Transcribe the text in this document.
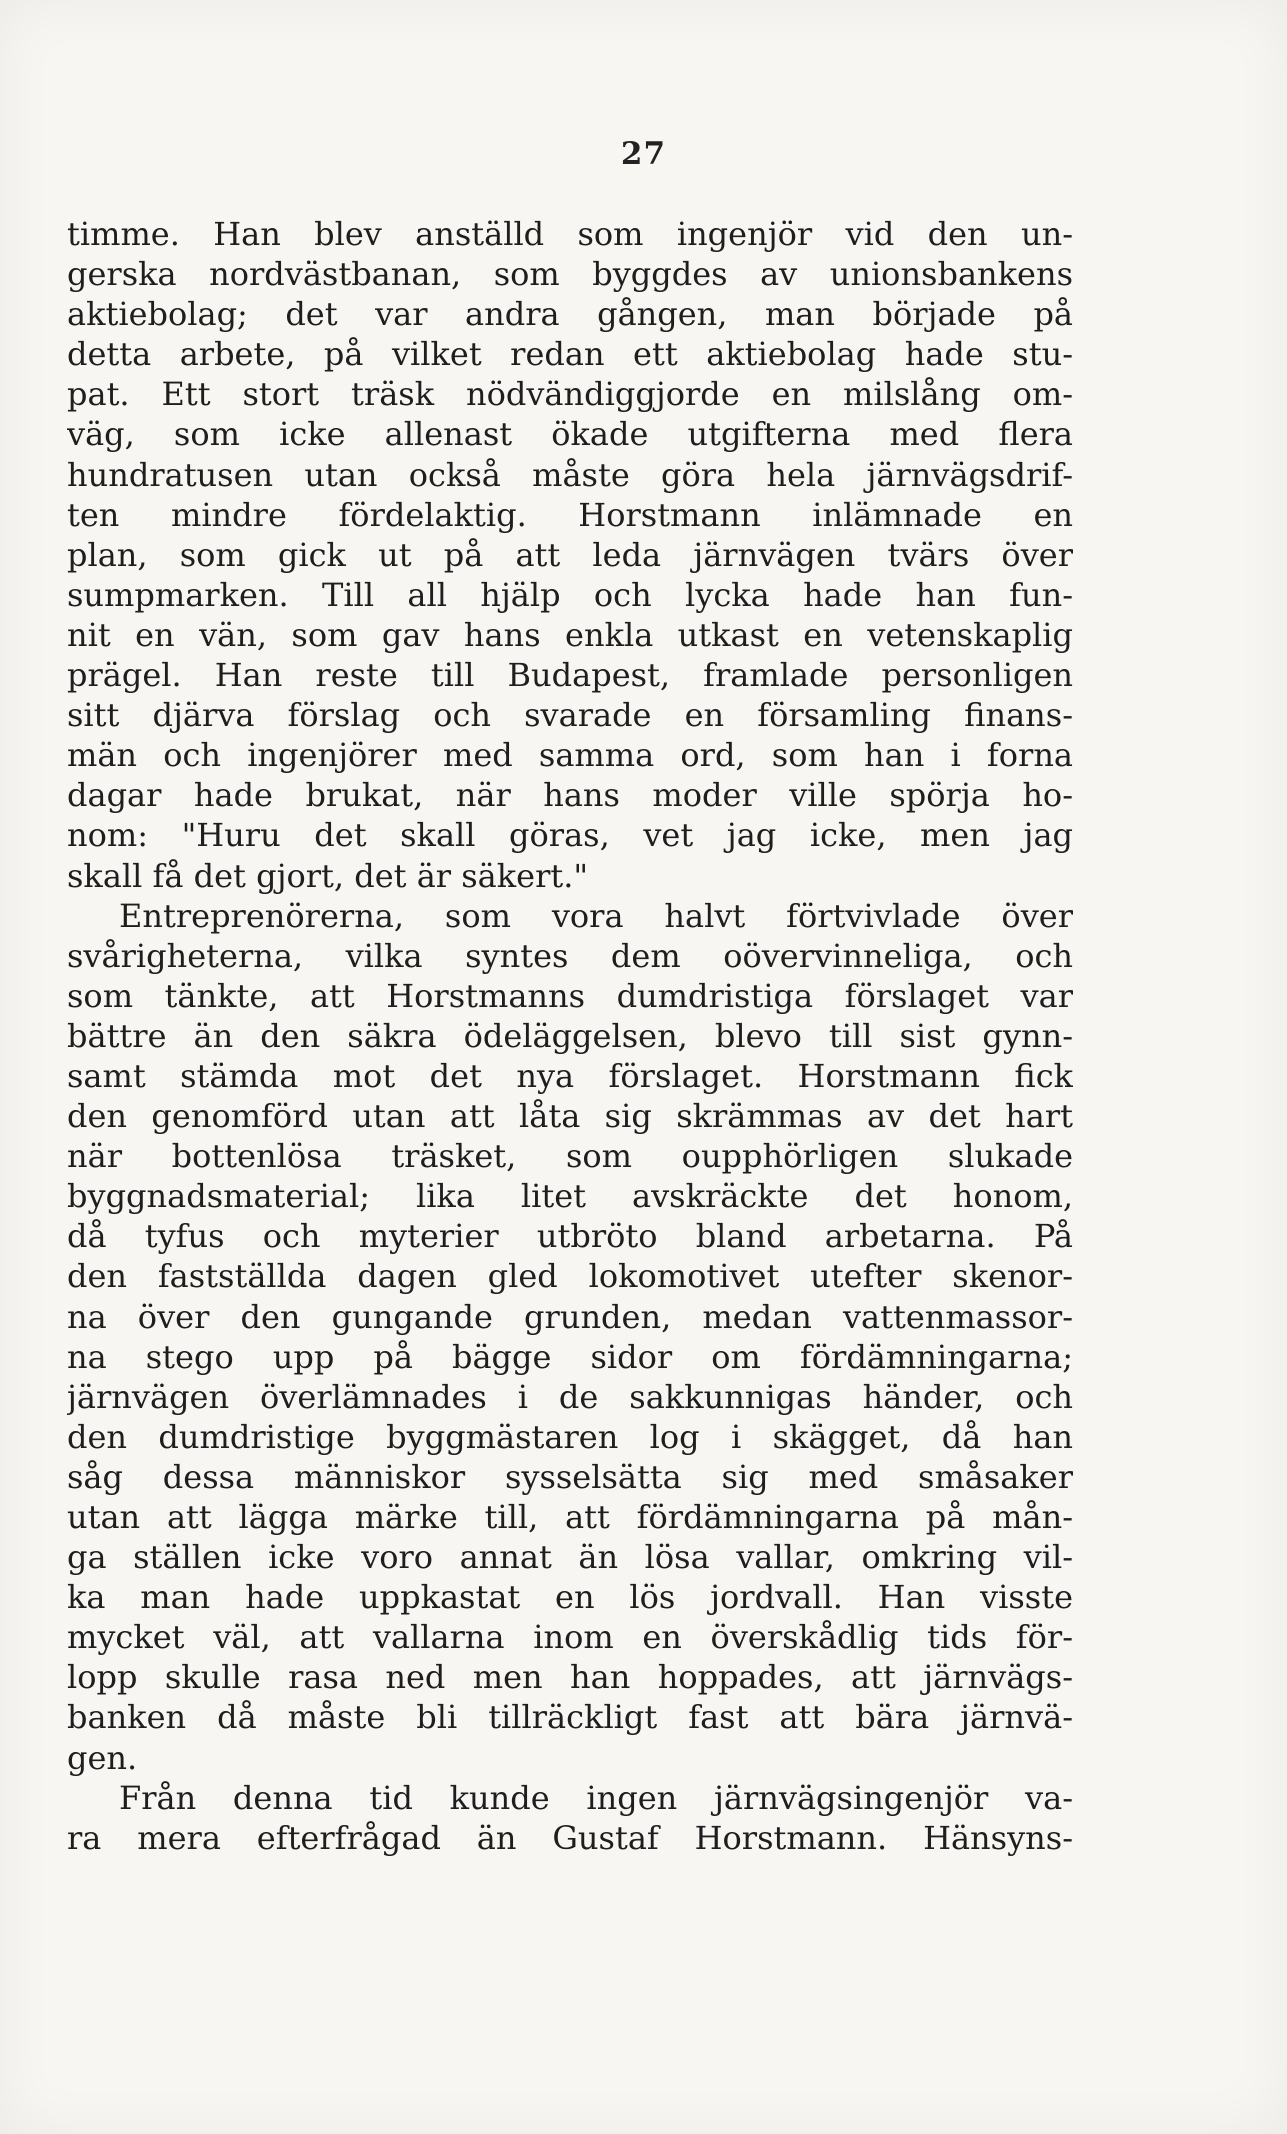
27
timme. Han blev anställd som ingenjör vid den un-
gerska nordvästbanan, som byggdes av unionsbankens
aktiebolag; det var andra gången, man började på
detta arbete, på vilket redan ett aktiebolag hade stu-
pat. Ett stort träsk nödvändiggjorde en milslång om-
väg, som icke allenast ökade utgifterna med flera
hundratusen utan också måste göra hela järnvägsdrif-
ten mindre fördelaktig. Horstmann inlämnade en
plan, som gick ut på att leda järnvägen tvärs över
sumpmarken. Till all hjälp och lycka hade han fun-
nit en vän, som gav hans enkla utkast en vetenskaplig
prägel. Han reste till Budapest, framlade personligen
sitt djärva förslag och svarade en församling finans-
män och ingenjörer med samma ord, som han i forna
dagar hade brukat, när hans moder ville spörja ho-
nom: "Huru det skall göras, vet jag icke, men jag
skall få det gjort, det är säkert."
Entreprenörerna, som vora halvt förtvivlade över
svårigheterna, vilka syntes dem oövervinneliga, och
som tänkte, att Horstmanns dumdristiga förslaget var
bättre än den säkra ödeläggelsen, blevo till sist gynn-
samt stämda mot det nya förslaget. Horstmann fick
den genomförd utan att låta sig skrämmas av det hart
när bottenlösa träsket, som oupphörligen slukade
byggnadsmaterial; lika litet avskräckte det honom,
då tyfus och myterier utbröto bland arbetarna. På
den fastställda dagen gled lokomotivet utefter skenor-
na över den gungande grunden, medan vattenmassor-
na stego upp på bägge sidor om fördämningarna;
järnvägen överlämnades i de sakkunnigas händer, och
den dumdristige byggmästaren log i skägget, då han
såg dessa människor sysselsätta sig med småsaker
utan att lägga märke till, att fördämningarna på mån-
ga ställen icke voro annat än lösa vallar, omkring vil-
ka man hade uppkastat en lös jordvall. Han visste
mycket väl, att vallarna inom en överskådlig tids för-
lopp skulle rasa ned men han hoppades, att järnvägs-
banken då måste bli tillräckligt fast att bära järnvä-
gen.
Från denna tid kunde ingen järnvägsingenjör va-
ra mera efterfrågad än Gustaf Horstmann. Hänsyns-
